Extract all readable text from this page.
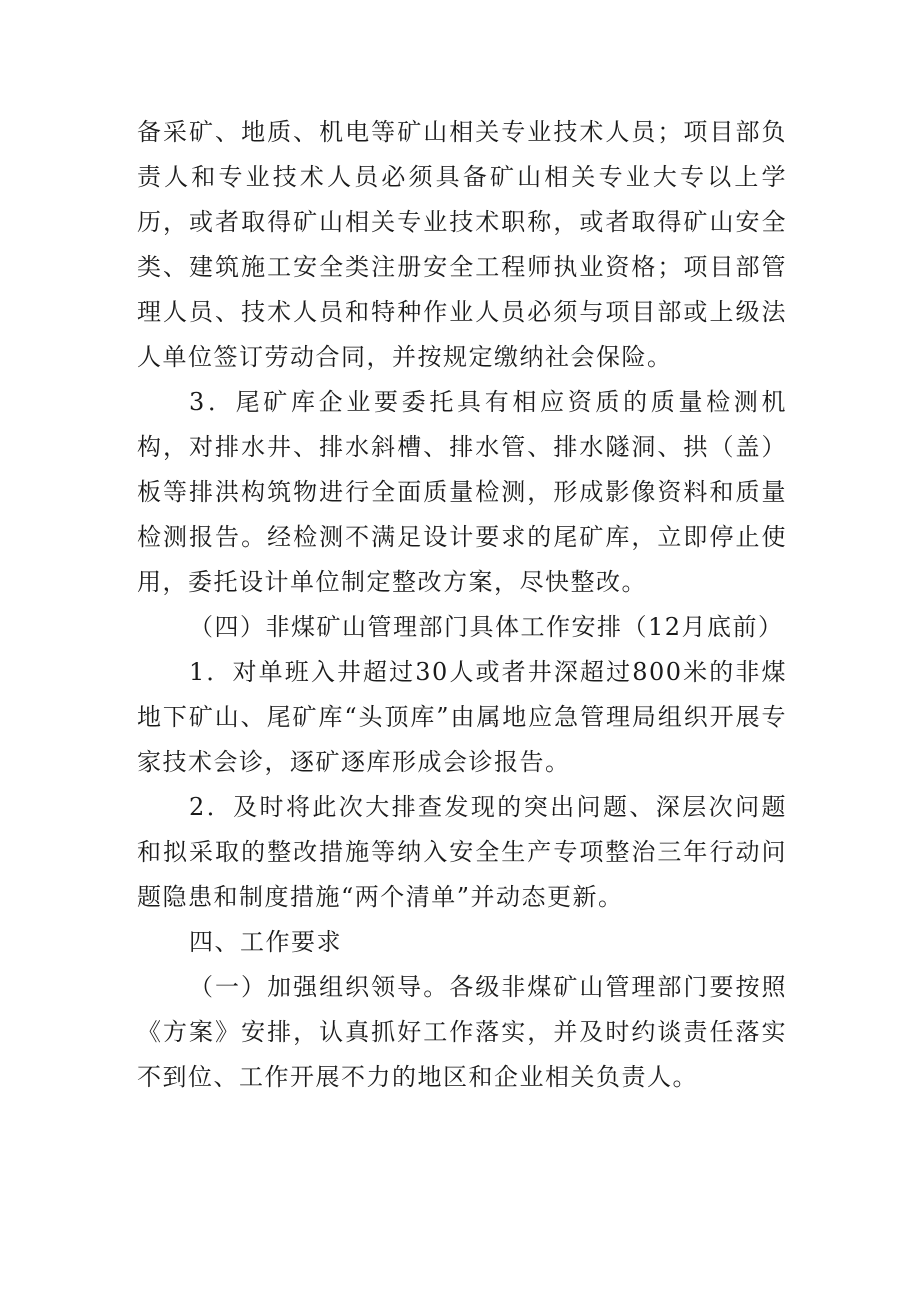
备采矿、地质、机电等矿山相关专业技术人员；项目部负责人和专业技术人员必须具备矿山相关专业大专以上学历，或者取得矿山相关专业技术职称，或者取得矿山安全类、建筑施工安全类注册安全工程师执业资格；项目部管理人员、技术人员和特种作业人员必须与项目部或上级法人单位签订劳动合同，并按规定缴纳社会保险。

3．尾矿库企业要委托具有相应资质的质量检测机构，对排水井、排水斜槽、排水管、排水隧洞、拱（盖）板等排洪构筑物进行全面质量检测，形成影像资料和质量检测报告。经检测不满足设计要求的尾矿库，立即停止使用，委托设计单位制定整改方案，尽快整改。

（四）非煤矿山管理部门具体工作安排（12月底前）

1．对单班入井超过30人或者井深超过800米的非煤地下矿山、尾矿库“头顶库”由属地应急管理局组织开展专家技术会诊，逐矿逐库形成会诊报告。

2．及时将此次大排查发现的突出问题、深层次问题和拟采取的整改措施等纳入安全生产专项整治三年行动问题隐患和制度措施“两个清单”并动态更新。

四、工作要求

（一）加强组织领导。各级非煤矿山管理部门要按照《方案》安排，认真抓好工作落实，并及时约谈责任落实不到位、工作开展不力的地区和企业相关负责人。
